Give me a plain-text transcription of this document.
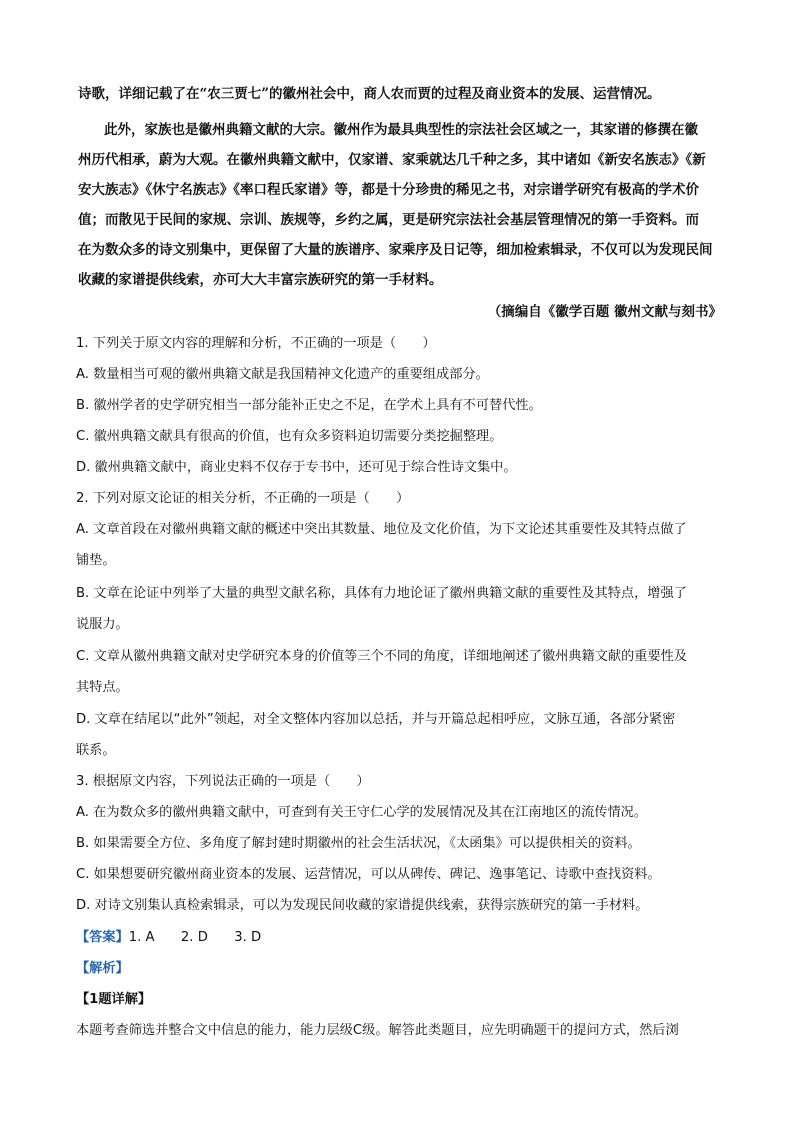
诗歌，详细记载了在“农三贾七”的徽州社会中，商人农而贾的过程及商业资本的发展、运营情况。
此外，家族也是徽州典籍文献的大宗。徽州作为最具典型性的宗法社会区域之一，其家谱的修撰在徽
州历代相承，蔚为大观。在徽州典籍文献中，仅家谱、家乘就达几千种之多，其中诸如《新安名族志》《新
安大族志》《休宁名族志》《率口程氏家谱》等，都是十分珍贵的稀见之书，对宗谱学研究有极高的学术价
值；而散见于民间的家规、宗训、族规等，乡约之属，更是研究宗法社会基层管理情况的第一手资料。而
在为数众多的诗文别集中，更保留了大量的族谱序、家乘序及日记等，细加检索辑录，不仅可以为发现民间
收藏的家谱提供线索，亦可大大丰富宗族研究的第一手材料。
（摘编自《徽学百题 徽州文献与刻书》
1. 下列关于原文内容的理解和分析，不正确的一项是（　　）
A. 数量相当可观的徽州典籍文献是我国精神文化遗产的重要组成部分。
B. 徽州学者的史学研究相当一部分能补正史之不足，在学术上具有不可替代性。
C. 徽州典籍文献具有很高的价值，也有众多资料迫切需要分类挖掘整理。
D. 徽州典籍文献中，商业史料不仅存于专书中，还可见于综合性诗文集中。
2. 下列对原文论证的相关分析，不正确的一项是（　　）
A. 文章首段在对徽州典籍文献的概述中突出其数量、地位及文化价值，为下文论述其重要性及其特点做了
铺垫。
B. 文章在论证中列举了大量的典型文献名称，具体有力地论证了徽州典籍文献的重要性及其特点，增强了
说服力。
C. 文章从徽州典籍文献对史学研究本身的价值等三个不同的角度，详细地阐述了徽州典籍文献的重要性及
其特点。
D. 文章在结尾以“此外”领起，对全文整体内容加以总括，并与开篇总起相呼应，文脉互通，各部分紧密
联系。
3. 根据原文内容，下列说法正确的一项是（　　）
A. 在为数众多的徽州典籍文献中，可查到有关王守仁心学的发展情况及其在江南地区的流传情况。
B. 如果需要全方位、多角度了解封建时期徽州的社会生活状况，《太函集》可以提供相关的资料。
C. 如果想要研究徽州商业资本的发展、运营情况，可以从碑传、碑记、逸事笔记、诗歌中查找资料。
D. 对诗文别集认真检索辑录，可以为发现民间收藏的家谱提供线索，获得宗族研究的第一手材料。
【答案】1. A　　2. D　　3. D
【解析】
【1题详解】
本题考查筛选并整合文中信息的能力，能力层级C级。解答此类题目，应先明确题干的提问方式，然后浏
